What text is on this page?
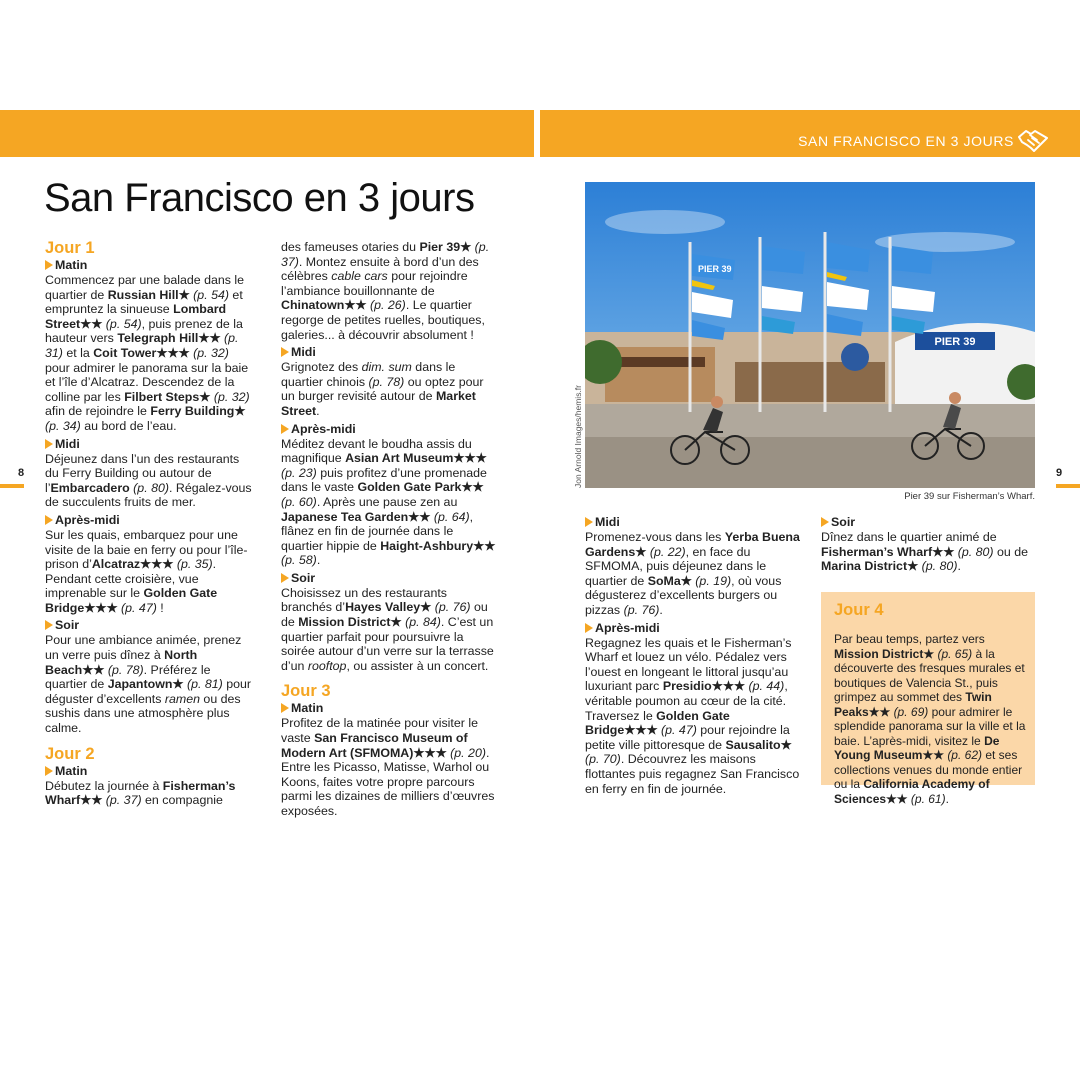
SAN FRANCISCO EN 3 JOURS
San Francisco en 3 jours
8	9

Jour 1

Matin

Commencez par une balade dans le quartier de Russian Hill★ (p. 54) et empruntez la sinueuse Lombard Street★★ (p. 54), puis prenez de la hauteur vers Telegraph Hill★★ (p. 31) et la Coit Tower★★★ (p. 32) pour admirer le panorama sur la baie et l’île d’Alcatraz. Descendez de la colline par les Filbert Steps★ (p. 32) afin de rejoindre le Ferry Building★ (p. 34) au bord de l’eau.

Midi

Déjeunez dans l’un des restaurants du Ferry Building ou autour de l’Embarcadero (p. 80). Régalez-vous de succulents fruits de mer.

Après-midi

Sur les quais, embarquez pour une visite de la baie en ferry ou pour l’île-prison d’Alcatraz★★★ (p. 35). Pendant cette croisière, vue imprenable sur le Golden Gate Bridge★★★ (p. 47) !

Soir

Pour une ambiance animée, prenez un verre puis dînez à North Beach★★ (p. 78). Préférez le quartier de Japantown★ (p. 81) pour déguster d’excellents ramen ou des sushis dans une atmosphère plus calme.

Jour 2

Matin

Débutez la journée à Fisherman’s Wharf★★ (p. 37) en compagnie

des fameuses otaries du Pier 39★ (p. 37). Montez ensuite à bord d’un des célèbres cable cars pour rejoindre l’ambiance bouillonnante de Chinatown★★ (p. 26). Le quartier regorge de petites ruelles, boutiques, galeries... à découvrir absolument !

Midi

Grignotez des dim. sum dans le quartier chinois (p. 78) ou optez pour un burger revisité autour de Market Street.

Après-midi

Méditez devant le boudha assis du magnifique Asian Art Museum★★★ (p. 23) puis profitez d’une promenade dans le vaste Golden Gate Park★★ (p. 60). Après une pause zen au Japanese Tea Garden★★ (p. 64), flânez en fin de journée dans le quartier hippie de Haight-Ashbury★★ (p. 58).

Soir

Choisissez un des restaurants branchés d’Hayes Valley★ (p. 76) ou de Mission District★ (p. 84). C’est un quartier parfait pour poursuivre la soirée autour d’un verre sur la terrasse d’un rooftop, ou assister à un concert.

Jour 3

Matin

Profitez de la matinée pour visiter le vaste San Francisco Museum of Modern Art (SFMOMA)★★★ (p. 20). Entre les Picasso, Matisse, Warhol ou Koons, faites votre propre parcours parmi les dizaines de milliers d’œuvres exposées.

PIER 39
PIER 39
Jon Arnold Images/hemis.fr
Pier 39 sur Fisherman’s Wharf.

Midi

Promenez-vous dans les Yerba Buena Gardens★ (p. 22), en face du SFMOMA, puis déjeunez dans le quartier de SoMa★ (p. 19), où vous dégusterez d’excellents burgers ou pizzas (p. 76).

Après-midi

Regagnez les quais et le Fisherman’s Wharf et louez un vélo. Pédalez vers l’ouest en longeant le littoral jusqu’au luxuriant parc Presidio★★★ (p. 44), véritable poumon au cœur de la cité. Traversez le Golden Gate Bridge★★★ (p. 47) pour rejoindre la petite ville pittoresque de Sausalito★ (p. 70). Découvrez les maisons flottantes puis regagnez San Francisco en ferry en fin de journée.

Soir

Dînez dans le quartier animé de Fisherman’s Wharf★★ (p. 80) ou de Marina District★ (p. 80).

Jour 4

Par beau temps, partez vers Mission District★ (p. 65) à la découverte des fresques murales et boutiques de Valencia St., puis grimpez au sommet des Twin Peaks★★ (p. 69) pour admirer le splendide panorama sur la ville et la baie. L’après-midi, visitez le De Young Museum★★ (p. 62) et ses collections venues du monde entier ou la California Academy of Sciences★★ (p. 61).
